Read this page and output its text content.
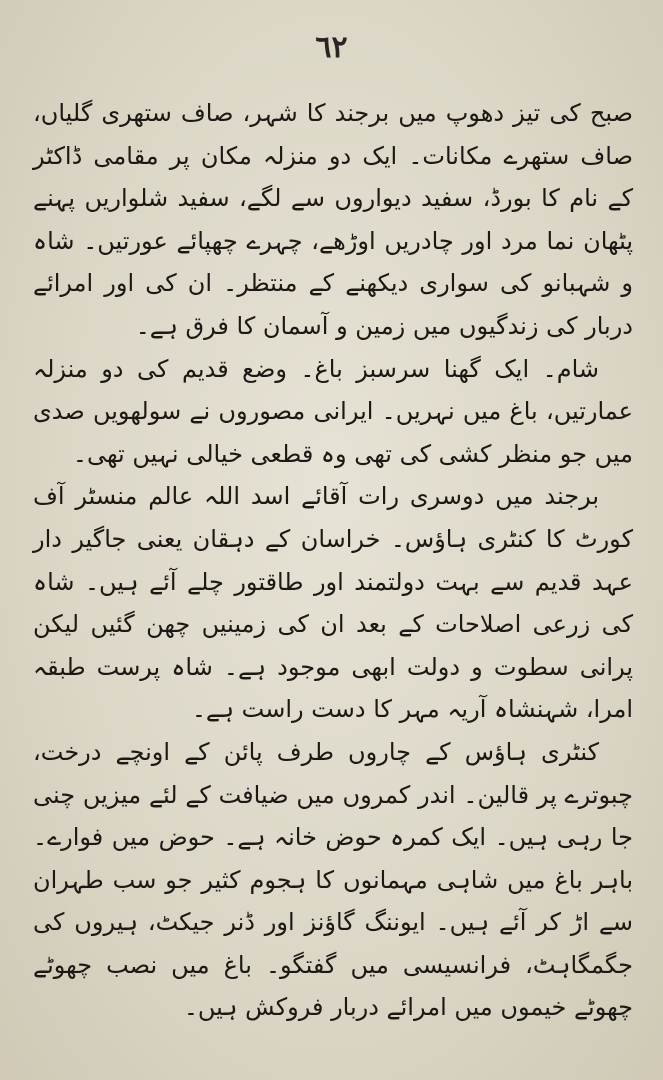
٦٢

صبح کی تیز دھوپ میں برجند کا شہر، صاف ستھری گلیاں، صاف ستھرے مکانات۔ ایک دو منزلہ مکان پر مقامی ڈاکٹر کے نام کا بورڈ، سفید دیواروں سے لگے، سفید شلواریں پہنے پٹھان نما مرد اور چادریں اوڑھے، چہرے چھپائے عورتیں۔ شاہ و شہبانو کی سواری دیکھنے کے منتظر۔ ان کی اور امرائے دربار کی زندگیوں میں زمین و آسمان کا فرق ہے۔

شام۔ ایک گھنا سرسبز باغ۔ وضع قدیم کی دو منزلہ عمارتیں، باغ میں نہریں۔ ایرانی مصوروں نے سولھویں صدی میں جو منظر کشی کی تھی وہ قطعی خیالی نہیں تھی۔

برجند میں دوسری رات آقائے اسد اللہ عالم منسٹر آف کورٹ کا کنٹری ہاؤس۔ خراسان کے دہقان یعنی جاگیر دار عہد قدیم سے بہت دولتمند اور طاقتور چلے آئے ہیں۔ شاہ کی زرعی اصلاحات کے بعد ان کی زمینیں چھن گئیں لیکن پرانی سطوت و دولت ابھی موجود ہے۔ شاہ پرست طبقہ امرا، شہنشاہ آریہ مہر کا دست راست ہے۔

کنٹری ہاؤس کے چاروں طرف پائن کے اونچے درخت، چبوترے پر قالین۔ اندر کمروں میں ضیافت کے لئے میزیں چنی جا رہی ہیں۔ ایک کمرہ حوض خانہ ہے۔ حوض میں فوارے۔ باہر باغ میں شاہی مہمانوں کا ہجوم کثیر جو سب طہران سے اڑ کر آئے ہیں۔ ایوننگ گاؤنز اور ڈنر جیکٹ، ہیروں کی جگمگاہٹ، فرانسیسی میں گفتگو۔ باغ میں نصب چھوٹے چھوٹے خیموں میں امرائے دربار فروکش ہیں۔
